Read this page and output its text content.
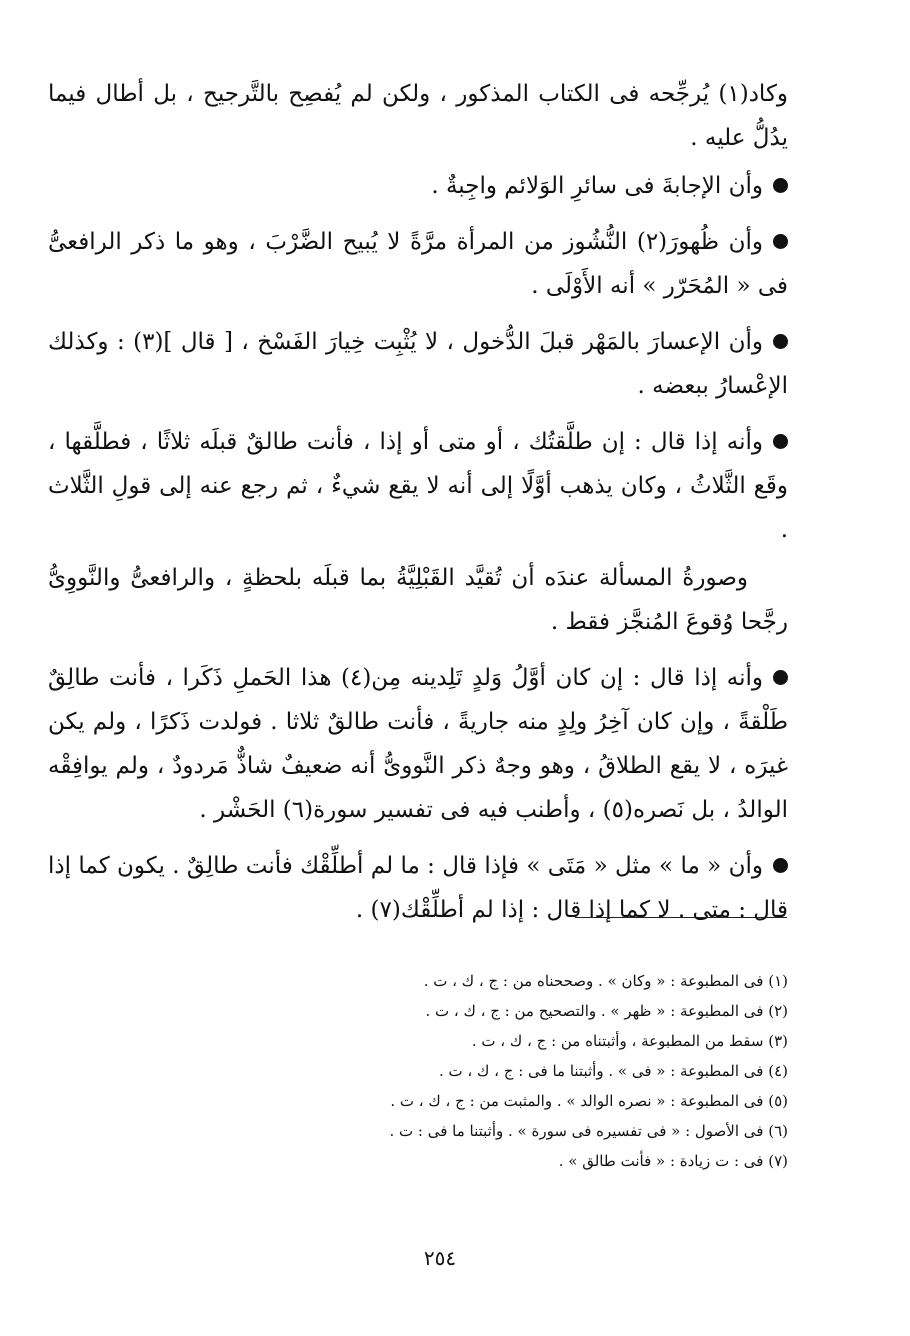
وكاد(١) يُرجِّحه فى الكتاب المذكور ، ولكن لم يُفصِح بالتَّرجيح ، بل أطال فيما يدُلُّ عليه .

وأن الإجابةَ فى سائرِ الوَلائم واجِبةٌ .

وأن ظُهورَ(٢) النُّشُوز من المرأة مرَّةً لا يُبيح الضَّرْبَ ، وهو ما ذكر الرافعىُّ فى « المُحَرّر » أنه الأَوْلَى .

وأن الإعسارَ بالمَهْر قبلَ الدُّخول ، لا يُثْبِت خِيارَ الفَسْخ ، [ قال ](٣) : وكذلك الإعْسارُ ببعضه .

وأنه إذا قال : إن طلَّقتُك ، أو متى أو إذا ، فأنت طالقٌ قبلَه ثلاثًا ، فطلَّقها ، وقَع الثَّلاثُ ، وكان يذهب أوَّلًا إلى أنه لا يقع شيءٌ ، ثم رجع عنه إلى قولِ الثَّلاث .

وصورةُ المسألة عندَه أن تُقيَّد القَبْلِيَّةُ بما قبلَه بلحظةٍ ، والرافعىُّ والنَّووِىُّ رجَّحا وُقوعَ المُنجَّز فقط .

وأنه إذا قال : إن كان أوَّلُ وَلدٍ تَلِدينه مِن(٤) هذا الحَملِ ذَكَرا ، فأنت طالِقٌ طَلْقةً ، وإن كان آخِرُ ولِدٍ منه جاريةً ، فأنت طالقٌ ثلاثا . فولدت ذَكرًا ، ولم يكن غيرَه ، لا يقع الطلاقُ ، وهو وجهٌ ذكر النَّووىُّ أنه ضعيفٌ شاذٌّ مَردودٌ ، ولم يوافِقْه الوالدُ ، بل نَصره(٥) ، وأطنب فيه فى تفسير سورة(٦) الحَشْر .

وأن « ما » مثل « مَتَى » فإذا قال : ما لم أطلِّقْك فأنت طالِقٌ . يكون كما إذا قال : متى . لا كما إذا قال : إذا لم أطلِّقْك(٧) .

(١) فى المطبوعة : « وكان » . وصححناه من : ج ، ك ، ت .
(٢) فى المطبوعة : « ظهر » . والتصحيح من : ج ، ك ، ت .
(٣) سقط من المطبوعة ، وأثبتناه من : ج ، ك ، ت .
(٤) فى المطبوعة : « فى » . وأثبتنا ما فى : ج ، ك ، ت .
(٥) فى المطبوعة : « نصره الوالد » . والمثبت من : ج ، ك ، ت .
(٦) فى الأصول : « فى تفسيره فى سورة » . وأثبتنا ما فى : ت .
(٧) فى : ت زيادة : « فأنت طالق » .
٢٥٤
